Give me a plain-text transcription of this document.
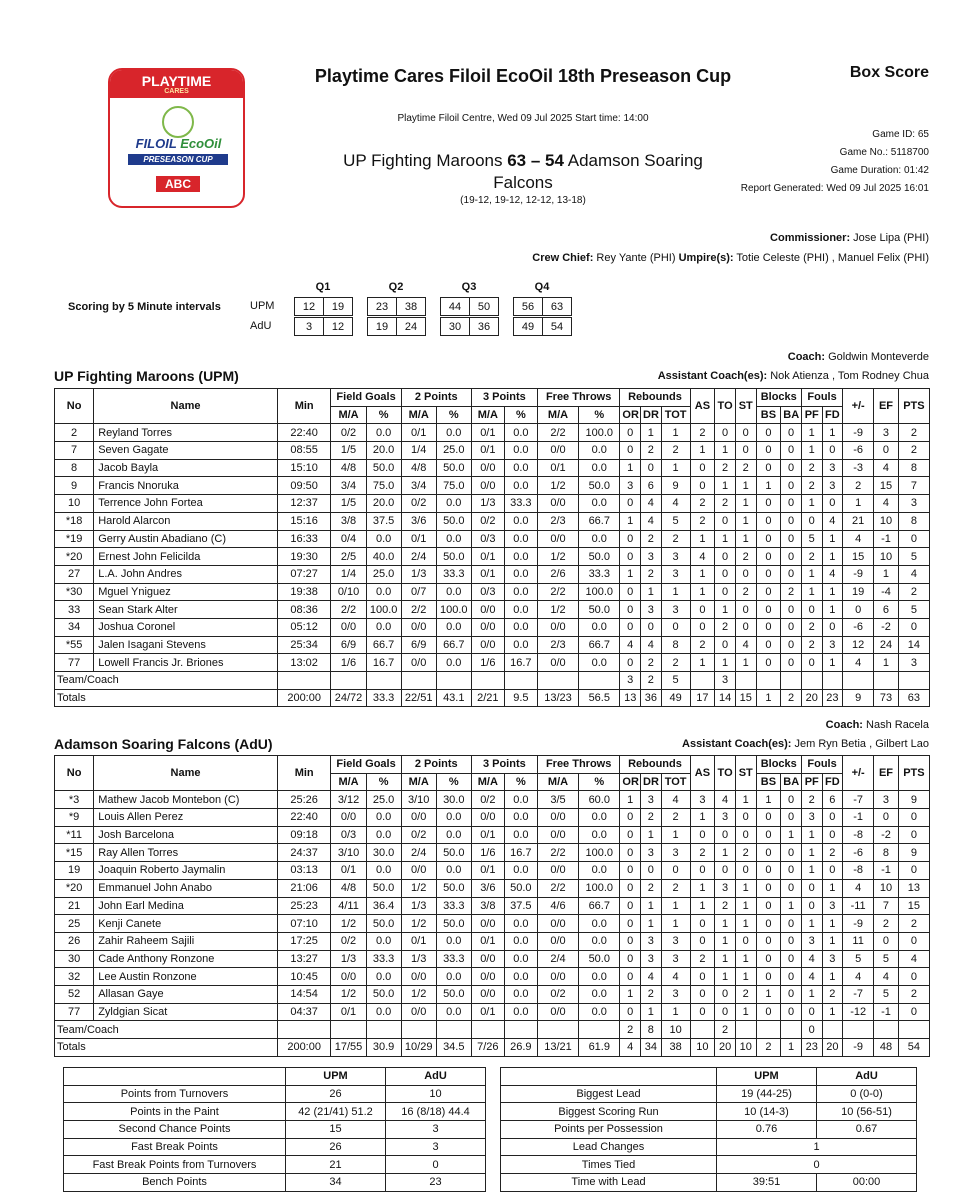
PLAYTIME
CARES
FILOIL EcoOil
PRESEASON CUP
ABC
Playtime Cares Filoil EcoOil 18th Preseason Cup
Playtime Filoil Centre, Wed 09 Jul 2025 Start time: 14:00
UP Fighting Maroons 63 – 54 Adamson Soaring Falcons
(19-12, 19-12, 12-12, 13-18)
Box Score
Game ID: 65
Game No.: 5118700
Game Duration: 01:42
Report Generated: Wed 09 Jul 2025 16:01
Commissioner: Jose Lipa (PHI)
Crew Chief: Rey Yante (PHI) Umpire(s): Totie Celeste (PHI) , Manuel Felix (PHI)
Scoring by 5 Minute intervals
Q1	Q2	Q3	Q4
UPM	12	19	23	38	44	50	56	63
AdU	3	12	19	24	30	36	49	54
Coach: Goldwin Monteverde
Assistant Coach(es): Nok Atienza , Tom Rodney Chua
UP Fighting Maroons (UPM)
No	Name	Min	Field Goals		2 Points		3 Points		Free Throws		Rebounds			AS	TO	ST	Blocks		Fouls		+/-	EF	PTS
			M/A	%	M/A	%	M/A	%	M/A	%	OR	DR	TOT				BS	BA	PF	FD			
2	Reyland Torres	22:40	0/2	0.0	0/1	0.0	0/1	0.0	2/2	100.0	0	1	1	2	0	0	0	0	1	1	-9	3	2
7	Seven Gagate	08:55	1/5	20.0	1/4	25.0	0/1	0.0	0/0	0.0	0	2	2	1	1	0	0	0	1	0	-6	0	2
8	Jacob Bayla	15:10	4/8	50.0	4/8	50.0	0/0	0.0	0/1	0.0	1	0	1	0	2	2	0	0	2	3	-3	4	8
9	Francis Nnoruka	09:50	3/4	75.0	3/4	75.0	0/0	0.0	1/2	50.0	3	6	9	0	1	1	1	0	2	3	2	15	7
10	Terrence John Fortea	12:37	1/5	20.0	0/2	0.0	1/3	33.3	0/0	0.0	0	4	4	2	2	1	0	0	1	0	1	4	3
*18	Harold Alarcon	15:16	3/8	37.5	3/6	50.0	0/2	0.0	2/3	66.7	1	4	5	2	0	1	0	0	0	4	21	10	8
*19	Gerry Austin Abadiano (C)	16:33	0/4	0.0	0/1	0.0	0/3	0.0	0/0	0.0	0	2	2	1	1	1	0	0	5	1	4	-1	0
*20	Ernest John Felicilda	19:30	2/5	40.0	2/4	50.0	0/1	0.0	1/2	50.0	0	3	3	4	0	2	0	0	2	1	15	10	5
27	L.A. John Andres	07:27	1/4	25.0	1/3	33.3	0/1	0.0	2/6	33.3	1	2	3	1	0	0	0	0	1	4	-9	1	4
*30	Mguel Yniguez	19:38	0/10	0.0	0/7	0.0	0/3	0.0	2/2	100.0	0	1	1	1	0	2	0	2	1	1	19	-4	2
33	Sean Stark Alter	08:36	2/2	100.0	2/2	100.0	0/0	0.0	1/2	50.0	0	3	3	0	1	0	0	0	0	1	0	6	5
34	Joshua Coronel	05:12	0/0	0.0	0/0	0.0	0/0	0.0	0/0	0.0	0	0	0	0	2	0	0	0	2	0	-6	-2	0
*55	Jalen Isagani Stevens	25:34	6/9	66.7	6/9	66.7	0/0	0.0	2/3	66.7	4	4	8	2	0	4	0	0	2	3	12	24	14
77	Lowell Francis Jr. Briones	13:02	1/6	16.7	0/0	0.0	1/6	16.7	0/0	0.0	0	2	2	1	1	1	0	0	0	1	4	1	3
Team/Coach											3	2	5		3								
Totals		200:00	24/72	33.3	22/51	43.1	2/21	9.5	13/23	56.5	13	36	49	17	14	15	1	2	20	23	9	73	63
Coach: Nash Racela
Assistant Coach(es): Jem Ryn Betia , Gilbert Lao
Adamson Soaring Falcons (AdU)
No	Name	Min	Field Goals		2 Points		3 Points		Free Throws		Rebounds			AS	TO	ST	Blocks		Fouls		+/-	EF	PTS
			M/A	%	M/A	%	M/A	%	M/A	%	OR	DR	TOT				BS	BA	PF	FD			
*3	Mathew Jacob Montebon (C)	25:26	3/12	25.0	3/10	30.0	0/2	0.0	3/5	60.0	1	3	4	3	4	1	1	0	2	6	-7	3	9
*9	Louis Allen Perez	22:40	0/0	0.0	0/0	0.0	0/0	0.0	0/0	0.0	0	2	2	1	3	0	0	0	3	0	-1	0	0
*11	Josh Barcelona	09:18	0/3	0.0	0/2	0.0	0/1	0.0	0/0	0.0	0	1	1	0	0	0	0	1	1	0	-8	-2	0
*15	Ray Allen Torres	24:37	3/10	30.0	2/4	50.0	1/6	16.7	2/2	100.0	0	3	3	2	1	2	0	0	1	2	-6	8	9
19	Joaquin Roberto Jaymalin	03:13	0/1	0.0	0/0	0.0	0/1	0.0	0/0	0.0	0	0	0	0	0	0	0	0	1	0	-8	-1	0
*20	Emmanuel John Anabo	21:06	4/8	50.0	1/2	50.0	3/6	50.0	2/2	100.0	0	2	2	1	3	1	0	0	0	1	4	10	13
21	John Earl Medina	25:23	4/11	36.4	1/3	33.3	3/8	37.5	4/6	66.7	0	1	1	1	2	1	0	1	0	3	-11	7	15
25	Kenji Canete	07:10	1/2	50.0	1/2	50.0	0/0	0.0	0/0	0.0	0	1	1	0	1	1	0	0	1	1	-9	2	2
26	Zahir Raheem Sajili	17:25	0/2	0.0	0/1	0.0	0/1	0.0	0/0	0.0	0	3	3	0	1	0	0	0	3	1	11	0	0
30	Cade Anthony Ronzone	13:27	1/3	33.3	1/3	33.3	0/0	0.0	2/4	50.0	0	3	3	2	1	1	0	0	4	3	5	5	4
32	Lee Austin Ronzone	10:45	0/0	0.0	0/0	0.0	0/0	0.0	0/0	0.0	0	4	4	0	1	1	0	0	4	1	4	4	0
52	Allasan Gaye	14:54	1/2	50.0	1/2	50.0	0/0	0.0	0/2	0.0	1	2	3	0	0	2	1	0	1	2	-7	5	2
77	Zyldgian Sicat	04:37	0/1	0.0	0/0	0.0	0/1	0.0	0/0	0.0	0	1	1	0	0	1	0	0	0	1	-12	-1	0
Team/Coach											2	8	10		2				0				
Totals		200:00	17/55	30.9	10/29	34.5	7/26	26.9	13/21	61.9	4	34	38	10	20	10	2	1	23	20	-9	48	54
	UPM	AdU
Points from Turnovers	26	10
Points in the Paint	42 (21/41) 51.2	16 (8/18) 44.4
Second Chance Points	15	3
Fast Break Points	26	3
Fast Break Points from Turnovers	21	0
Bench Points	34	23
	UPM	AdU
Biggest Lead	19 (44-25)	0 (0-0)
Biggest Scoring Run	10 (14-3)	10 (56-51)
Points per Possession	0.76	0.67
Lead Changes	1	
Times Tied	0	
Time with Lead	39:51	00:00
